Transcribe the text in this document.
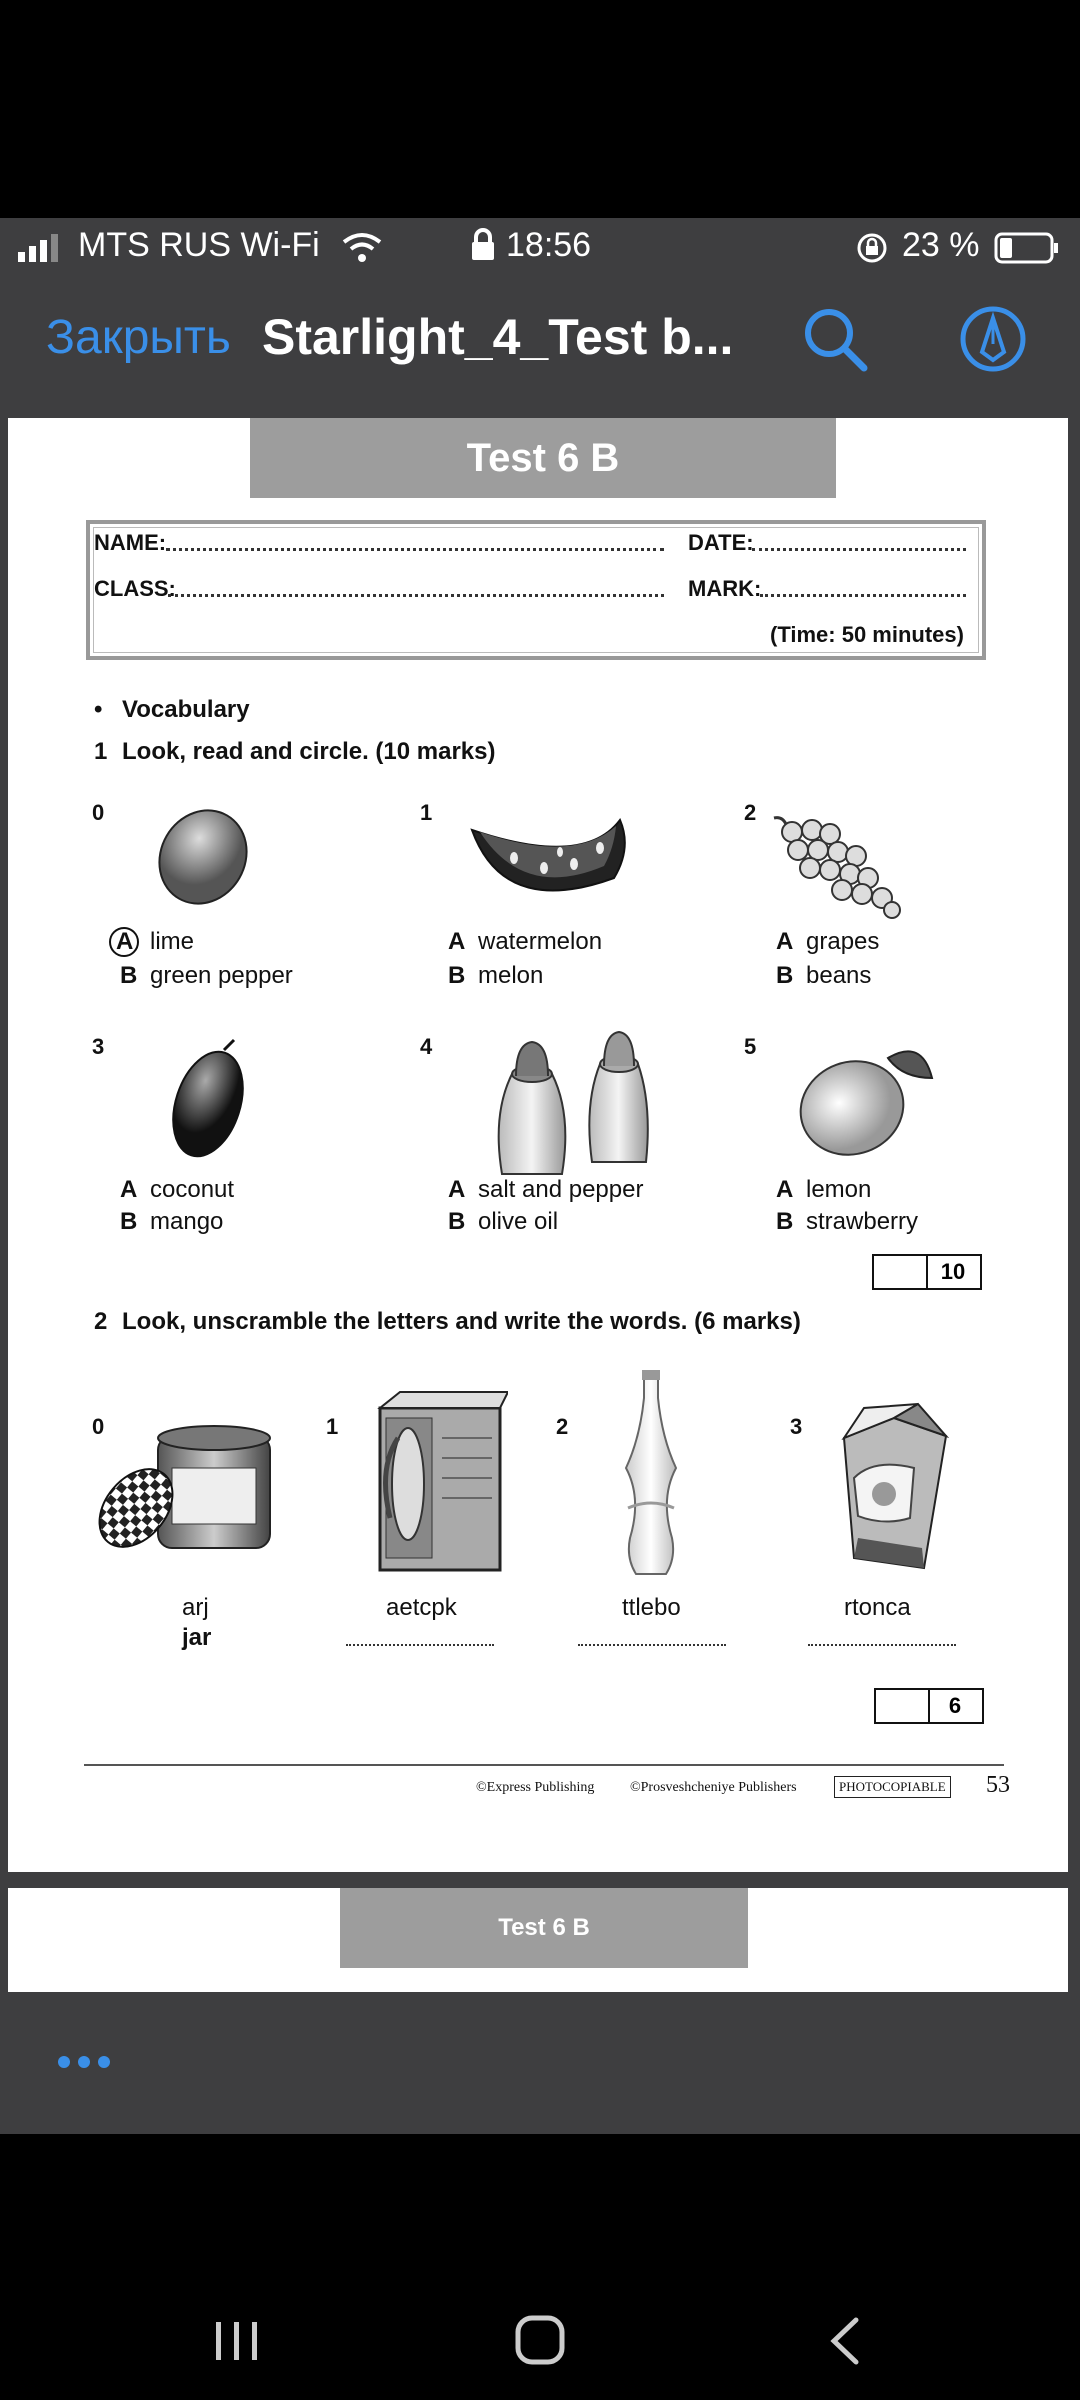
MTS RUS Wi-Fi	18:56	23 %
Закрыть Starlight_4_Test b...
Test 6 B
NAME:	DATE:
CLASS:	MARK:
(Time: 50 minutes)
• Vocabulary
1 Look, read and circle. (10 marks)
0
A lime
B green pepper
1
A watermelon
B melon
2
A grapes
B beans
3
A coconut
B mango
4
A salt and pepper
B olive oil
5
A lemon
B strawberry
10
2 Look, unscramble the letters and write the words. (6 marks)
0
arj
jar
1
aetcpk
2
ttlebo
3
rtonca
6
©Express Publishing	©Prosveshcheniye Publishers	PHOTOCOPIABLE 53
Test 6 B
